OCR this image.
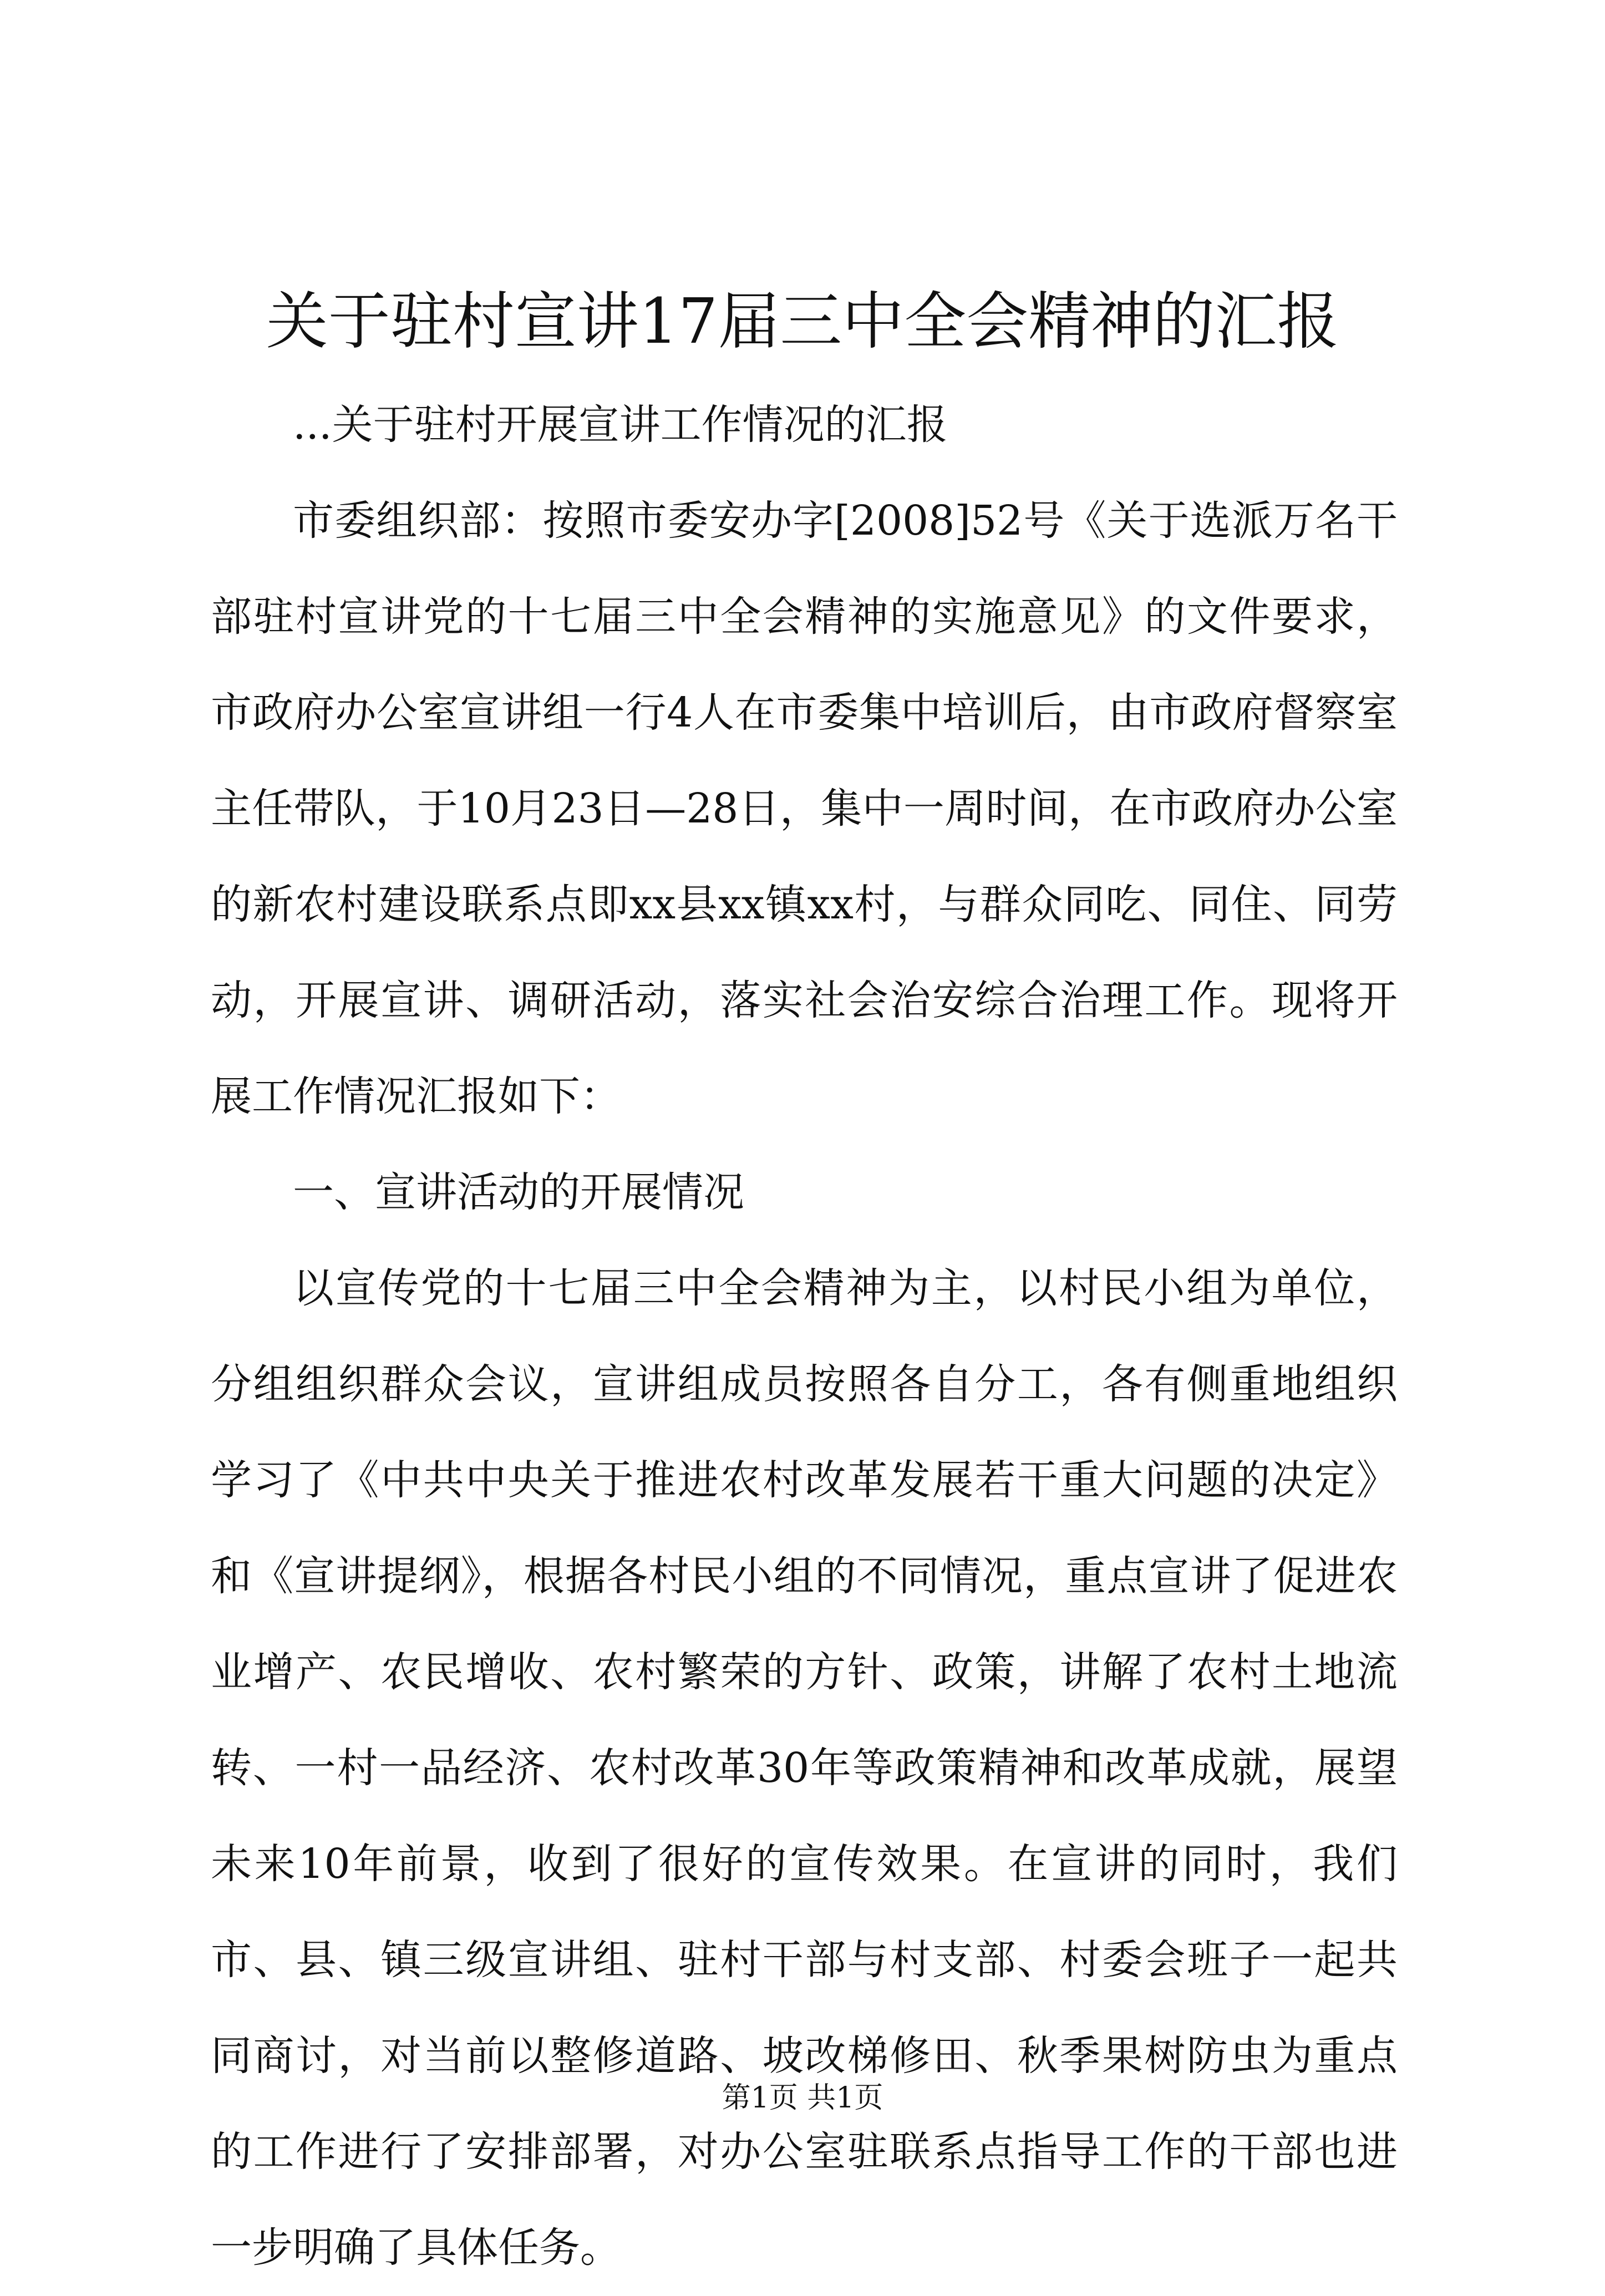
关于驻村宣讲17届三中全会精神的汇报

...关于驻村开展宣讲工作情况的汇报

市委组织部：按照市委安办字[2008]52号《关于选派万名干部驻村宣讲党的十七届三中全会精神的实施意见》的文件要求，市政府办公室宣讲组一行4人在市委集中培训后，由市政府督察室主任带队，于10月23日—28日，集中一周时间，在市政府办公室的新农村建设联系点即xx县xx镇xx村，与群众同吃、同住、同劳动，开展宣讲、调研活动，落实社会治安综合治理工作。现将开展工作情况汇报如下：

一、宣讲活动的开展情况

以宣传党的十七届三中全会精神为主，以村民小组为单位，分组组织群众会议，宣讲组成员按照各自分工，各有侧重地组织学习了《中共中央关于推进农村改革发展若干重大问题的决定》和《宣讲提纲》，根据各村民小组的不同情况，重点宣讲了促进农业增产、农民增收、农村繁荣的方针、政策，讲解了农村土地流转、一村一品经济、农村改革30年等政策精神和改革成就，展望未来10年前景，收到了很好的宣传效果。在宣讲的同时，我们市、县、镇三级宣讲组、驻村干部与村支部、村委会班子一起共同商讨，对当前以整修道路、坡改梯修田、秋季果树防虫为重点的工作进行了安排部署，对办公室驻联系点指导工作的干部也进一步明确了具体任务。

第1页 共1页
